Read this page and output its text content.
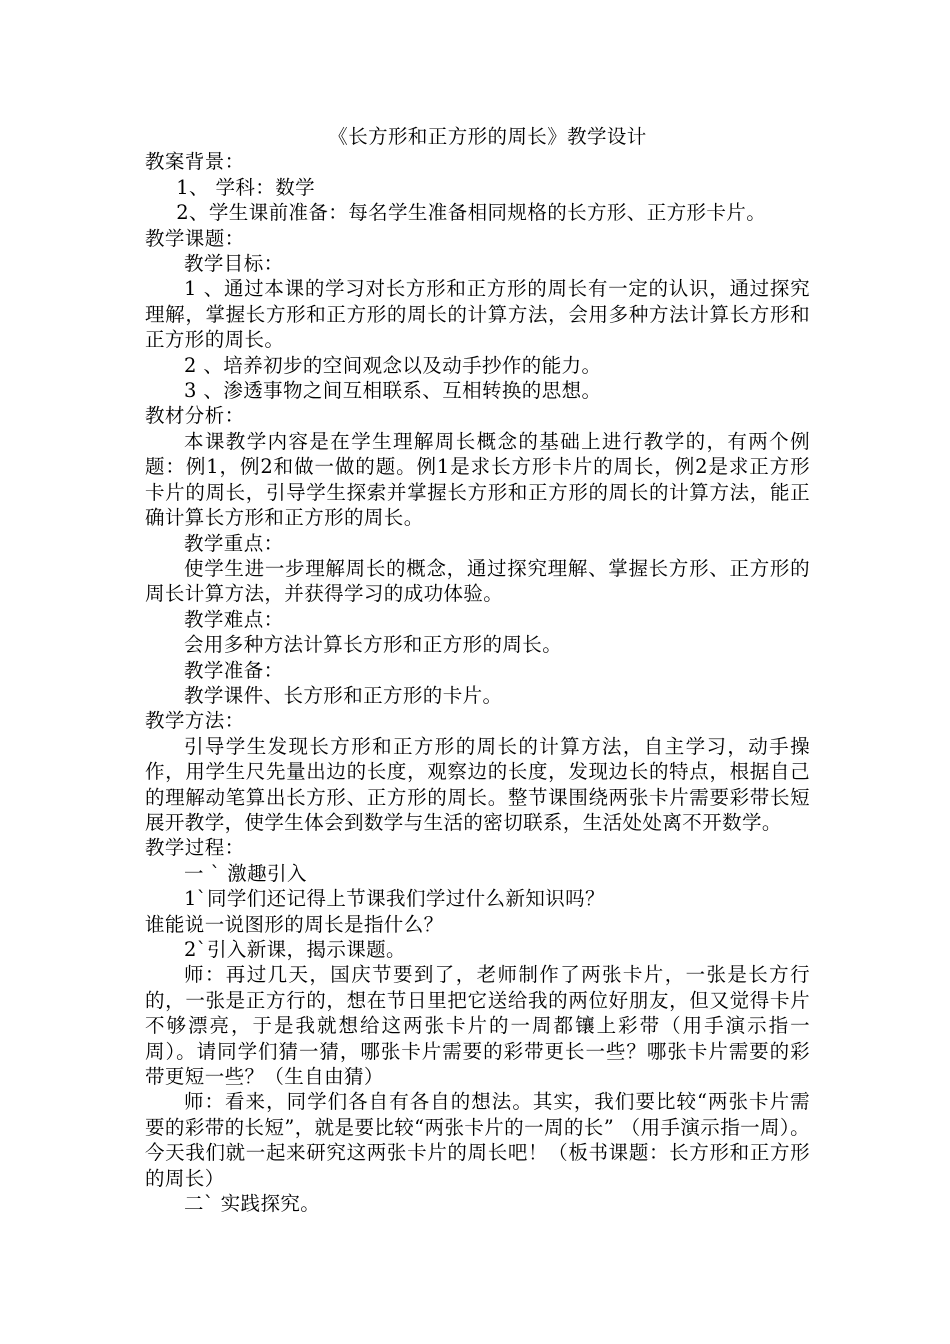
《长方形和正方形的周长》教学设计

教案背景：

1、 学科：数学

2、学生课前准备：每名学生准备相同规格的长方形、正方形卡片。

教学课题：

教学目标：

1 、通过本课的学习对长方形和正方形的周长有一定的认识，通过探究理解，掌握长方形和正方形的周长的计算方法，会用多种方法计算长方形和正方形的周长。

2 、培养初步的空间观念以及动手抄作的能力。

3 、渗透事物之间互相联系、互相转换的思想。

教材分析：

本课教学内容是在学生理解周长概念的基础上进行教学的，有两个例题：例1，例2和做一做的题。例1是求长方形卡片的周长，例2是求正方形卡片的周长，引导学生探索并掌握长方形和正方形的周长的计算方法，能正确计算长方形和正方形的周长。

教学重点：

使学生进一步理解周长的概念，通过探究理解、掌握长方形、正方形的周长计算方法，并获得学习的成功体验。

教学难点：

会用多种方法计算长方形和正方形的周长。

教学准备：

教学课件、长方形和正方形的卡片。

教学方法：

引导学生发现长方形和正方形的周长的计算方法，自主学习，动手操作，用学生尺先量出边的长度，观察边的长度，发现边长的特点，根据自己的理解动笔算出长方形、正方形的周长。整节课围绕两张卡片需要彩带长短展开教学，使学生体会到数学与生活的密切联系，生活处处离不开数学。

教学过程：

一 ` 激趣引入

1`同学们还记得上节课我们学过什么新知识吗？

谁能说一说图形的周长是指什么？

2`引入新课，揭示课题。

师：再过几天，国庆节要到了，老师制作了两张卡片，一张是长方行的，一张是正方行的，想在节日里把它送给我的两位好朋友，但又觉得卡片不够漂亮，于是我就想给这两张卡片的一周都镶上彩带（用手演示指一周）。请同学们猜一猜，哪张卡片需要的彩带更长一些？哪张卡片需要的彩带更短一些？（生自由猜）

师：看来，同学们各自有各自的想法。其实，我们要比较“两张卡片需要的彩带的长短”，就是要比较“两张卡片的一周的长” （用手演示指一周）。今天我们就一起来研究这两张卡片的周长吧！（板书课题：长方形和正方形的周长）

二` 实践探究。
